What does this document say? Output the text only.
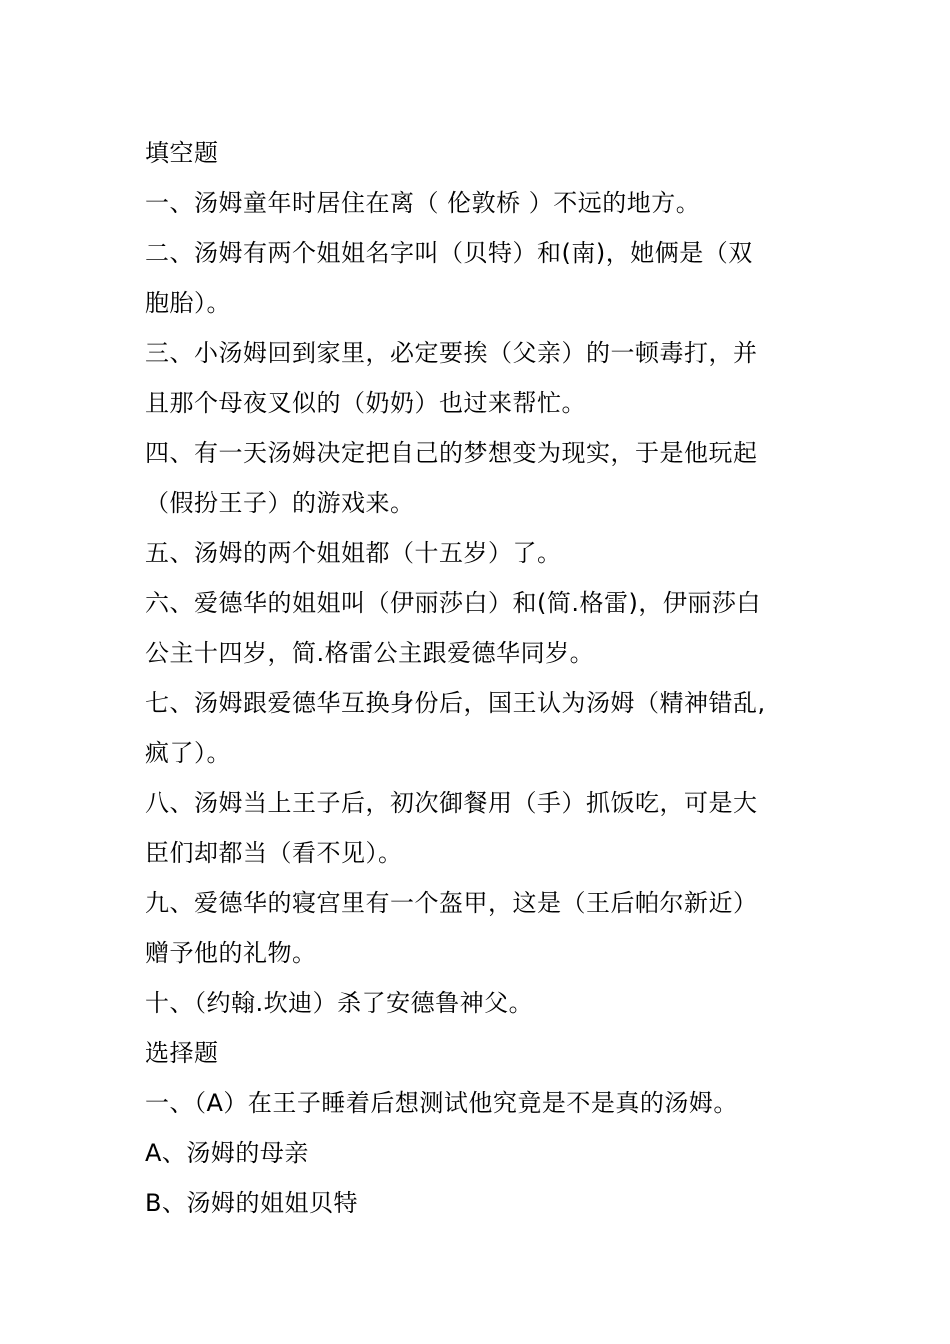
填空题
一、汤姆童年时居住在离（ 伦敦桥 ）不远的地方。
二、汤姆有两个姐姐名字叫（贝特）和(南)，她俩是（双
胞胎）。
三、小汤姆回到家里，必定要挨（父亲）的一顿毒打，并
且那个母夜叉似的（奶奶）也过来帮忙。
四、有一天汤姆决定把自己的梦想变为现实，于是他玩起
（假扮王子）的游戏来。
五、汤姆的两个姐姐都（十五岁）了。
六、爱德华的姐姐叫（伊丽莎白）和(简.格雷)，伊丽莎白
公主十四岁，简.格雷公主跟爱德华同岁。
七、汤姆跟爱德华互换身份后，国王认为汤姆（精神错乱,
疯了）。
八、汤姆当上王子后，初次御餐用（手）抓饭吃，可是大
臣们却都当（看不见）。
九、爱德华的寝宫里有一个盔甲，这是（王后帕尔新近）
赠予他的礼物。
十、（约翰.坎迪）杀了安德鲁神父。
选择题
一、（A）在王子睡着后想测试他究竟是不是真的汤姆。
A、汤姆的母亲
B、汤姆的姐姐贝特
